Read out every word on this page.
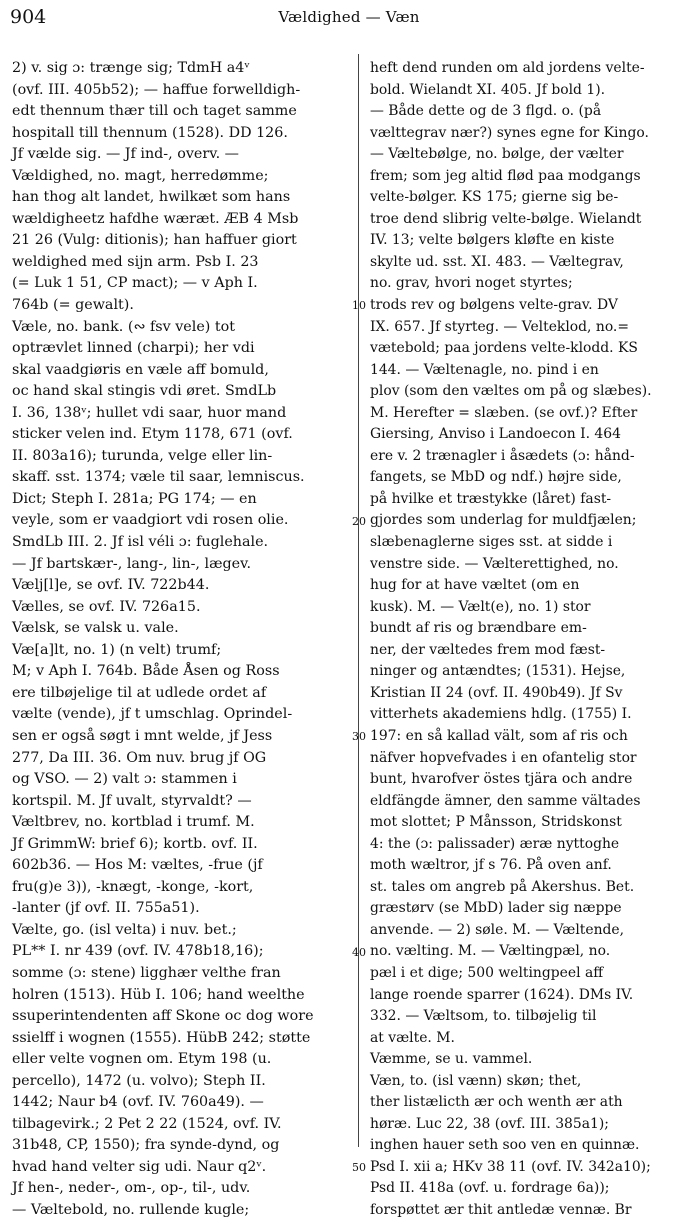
904	Vældighed — Væn
2) v. sig ɔ: trænge sig; TdmH a4ᵛ
(ovf. III. 405b52); — haffue forwelldigh-
edt thennum thær till och taget samme
hospitall till thennum (1528). DD 126.
Jf vælde sig. — Jf ind-, overv. —
Vældighed, no. magt, herredømme;
han thog alt landet, hwilkæt som hans
wældigheetz hafdhe wæræt. ÆB 4 Msb
21 26 (Vulg: ditionis); han haffuer giort
weldighed med sijn arm. Psb I. 23
(= Luk 1 51, CP mact); — v Aph I.
764b (= gewalt).
Væle, no. bank. (∾ fsv vele) tot
optrævlet linned (charpi); her vdi
skal vaadgiøris en væle aff bomuld,
oc hand skal stingis vdi øret. SmdLb
I. 36, 138ᵛ; hullet vdi saar, huor mand
sticker velen ind. Etym 1178, 671 (ovf.
II. 803a16); turunda, velge eller lin-
skaff. sst. 1374; væle til saar, lemniscus.
Dict; Steph I. 281a; PG 174; — en
veyle, som er vaadgiort vdi rosen olie.
SmdLb III. 2. Jf isl véli ɔ: fuglehale.
— Jf bartskær-, lang-, lin-, lægev.
Vælj[l]e, se ovf. IV. 722b44.
Vælles, se ovf. IV. 726a15.
Vælsk, se valsk u. vale.
Væ[a]lt, no. 1) (n velt) trumf;
M; v Aph I. 764b. Både Åsen og Ross
ere tilbøjelige til at udlede ordet af
vælte (vende), jf t umschlag. Oprindel-
sen er også søgt i mnt welde, jf Jess
277, Da III. 36. Om nuv. brug jf OG
og VSO. — 2) valt ɔ: stammen i
kortspil. M. Jf uvalt, styrvaldt? —
Væltbrev, no. kortblad i trumf. M.
Jf GrimmW: brief 6); kortb. ovf. II.
602b36. — Hos M: væltes, -frue (jf
fru(g)e 3)), -knægt, -konge, -kort,
-lanter (jf ovf. II. 755a51).
Vælte, go. (isl velta) i nuv. bet.;
PL** I. nr 439 (ovf. IV. 478b18,16);
somme (ɔ: stene) ligghær velthe fran
holren (1513). Hüb I. 106; hand weelthe
ssuperintendenten aff Skone oc dog wore
ssielff i wognen (1555). HübB 242; støtte
eller velte vognen om. Etym 198 (u.
percello), 1472 (u. volvo); Steph II.
1442; Naur b4 (ovf. IV. 760a49). —
tilbagevirk.; 2 Pet 2 22 (1524, ovf. IV.
31b48, CP, 1550); fra synde-dynd, og
hvad hand velter sig udi. Naur q2ᵛ.
Jf hen-, neder-, om-, op-, til-, udv.
— Væltebold, no. rullende kugle;
heft dend runden om ald jordens velte-
bold. Wielandt XI. 405. Jf bold 1).
— Både dette og de 3 flgd. o. (på
vælttegrav nær?) synes egne for Kingo.
— Væltebølge, no. bølge, der vælter
frem; som jeg altid flød paa modgangs
velte-bølger. KS 175; gierne sig be-
troe dend slibrig velte-bølge. Wielandt
IV. 13; velte bølgers kløfte en kiste
skylte ud. sst. XI. 483. — Væltegrav,
no. grav, hvori noget styrtes;
trods rev og bølgens velte-grav. DV
IX. 657. Jf styrteg. — Velteklod, no.=
vætebold; paa jordens velte-klodd. KS
144. — Væltenagle, no. pind i en
plov (som den væltes om på og slæbes).
M. Herefter = slæben. (se ovf.)? Efter
Giersing, Anviso i Landoecon I. 464
ere v. 2 trænagler i åsædets (ɔ: hånd-
fangets, se MbD og ndf.) højre side,
på hvilke et træstykke (låret) fast-
gjordes som underlag for muldfjælen;
slæbenaglerne siges sst. at sidde i
venstre side. — Vælterettighed, no.
hug for at have væltet (om en
kusk). M. — Vælt(e), no. 1) stor
bundt af ris og brændbare em-
ner, der væltedes frem mod fæst-
ninger og antændtes; (1531). Hejse,
Kristian II 24 (ovf. II. 490b49). Jf Sv
vitterhets akademiens hdlg. (1755) I.
197: en så kallad vält, som af ris och
näfver hopvefvades i en ofantelig stor
bunt, hvarofver östes tjära och andre
eldfängde ämner, den samme vältades
mot slottet; P Månsson, Stridskonst
4: the (ɔ: palissader) æræ nyttoghe
moth wæltror, jf s 76. På oven anf.
st. tales om angreb på Akershus. Bet.
græstørv (se MbD) lader sig næppe
anvende. — 2) søle. M. — Væltende,
no. vælting. M. — Væltingpæl, no.
pæl i et dige; 500 weltingpeel aff
lange roende sparrer (1624). DMs IV.
332. — Væltsom, to. tilbøjelig til
at vælte. M.
Væmme, se u. vammel.
Væn, to. (isl vænn) skøn; thet,
ther listælicth ær och wenth ær ath
høræ. Luc 22, 38 (ovf. III. 385a1);
inghen hauer seth soo ven en quinnæ.
Psd I. xii a; HKv 38 11 (ovf. IV. 342a10);
Psd II. 418a (ovf. u. fordrage 6a));
forspøttet ær thit antledæ vennæ. Br
10
20
30
40
50
